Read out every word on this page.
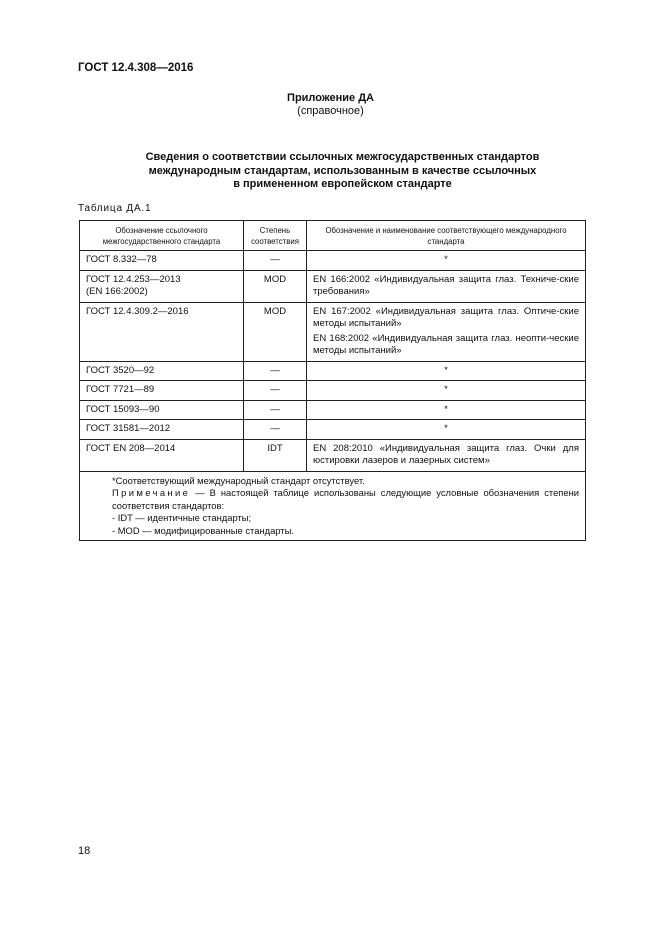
ГОСТ 12.4.308—2016
Приложение ДА
(справочное)
Сведения о соответствии ссылочных межгосударственных стандартов
международным стандартам, использованным в качестве ссылочных
в примененном европейском стандарте
Таблица ДА.1
Обозначение ссылочного межгосударственного стандарта	Степень соответствия	Обозначение и наименование соответствующего международного стандарта
ГОСТ 8.332—78	—	*

ГОСТ 12.4.253—2013
(EN 166:2002)	MOD	EN 166:2002 «Индивидуальная защита глаз. Техниче-ские требования»

ГОСТ 12.4.309.2—2016	MOD	EN 167:2002 «Индивидуальная защита глаз. Оптиче-ские методы испытаний»
EN 168:2002 «Индивидуальная защита глаз. неопти-ческие методы испытаний»

ГОСТ 3520—92	—	*

ГОСТ 7721—89	—	*

ГОСТ 15093—90	—	*

ГОСТ 31581—2012	—	*

ГОСТ EN 208—2014	IDT	EN 208:2010 «Индивидуальная защита глаз. Очки для юстировки лазеров и лазерных систем»

*Соответствующий международный стандарт отсутствует.
Примечание — В настоящей таблице использованы следующие условные обозначения степени соответствия стандартов:
- IDT — идентичные стандарты;
- MOD — модифицированные стандарты.		
18
